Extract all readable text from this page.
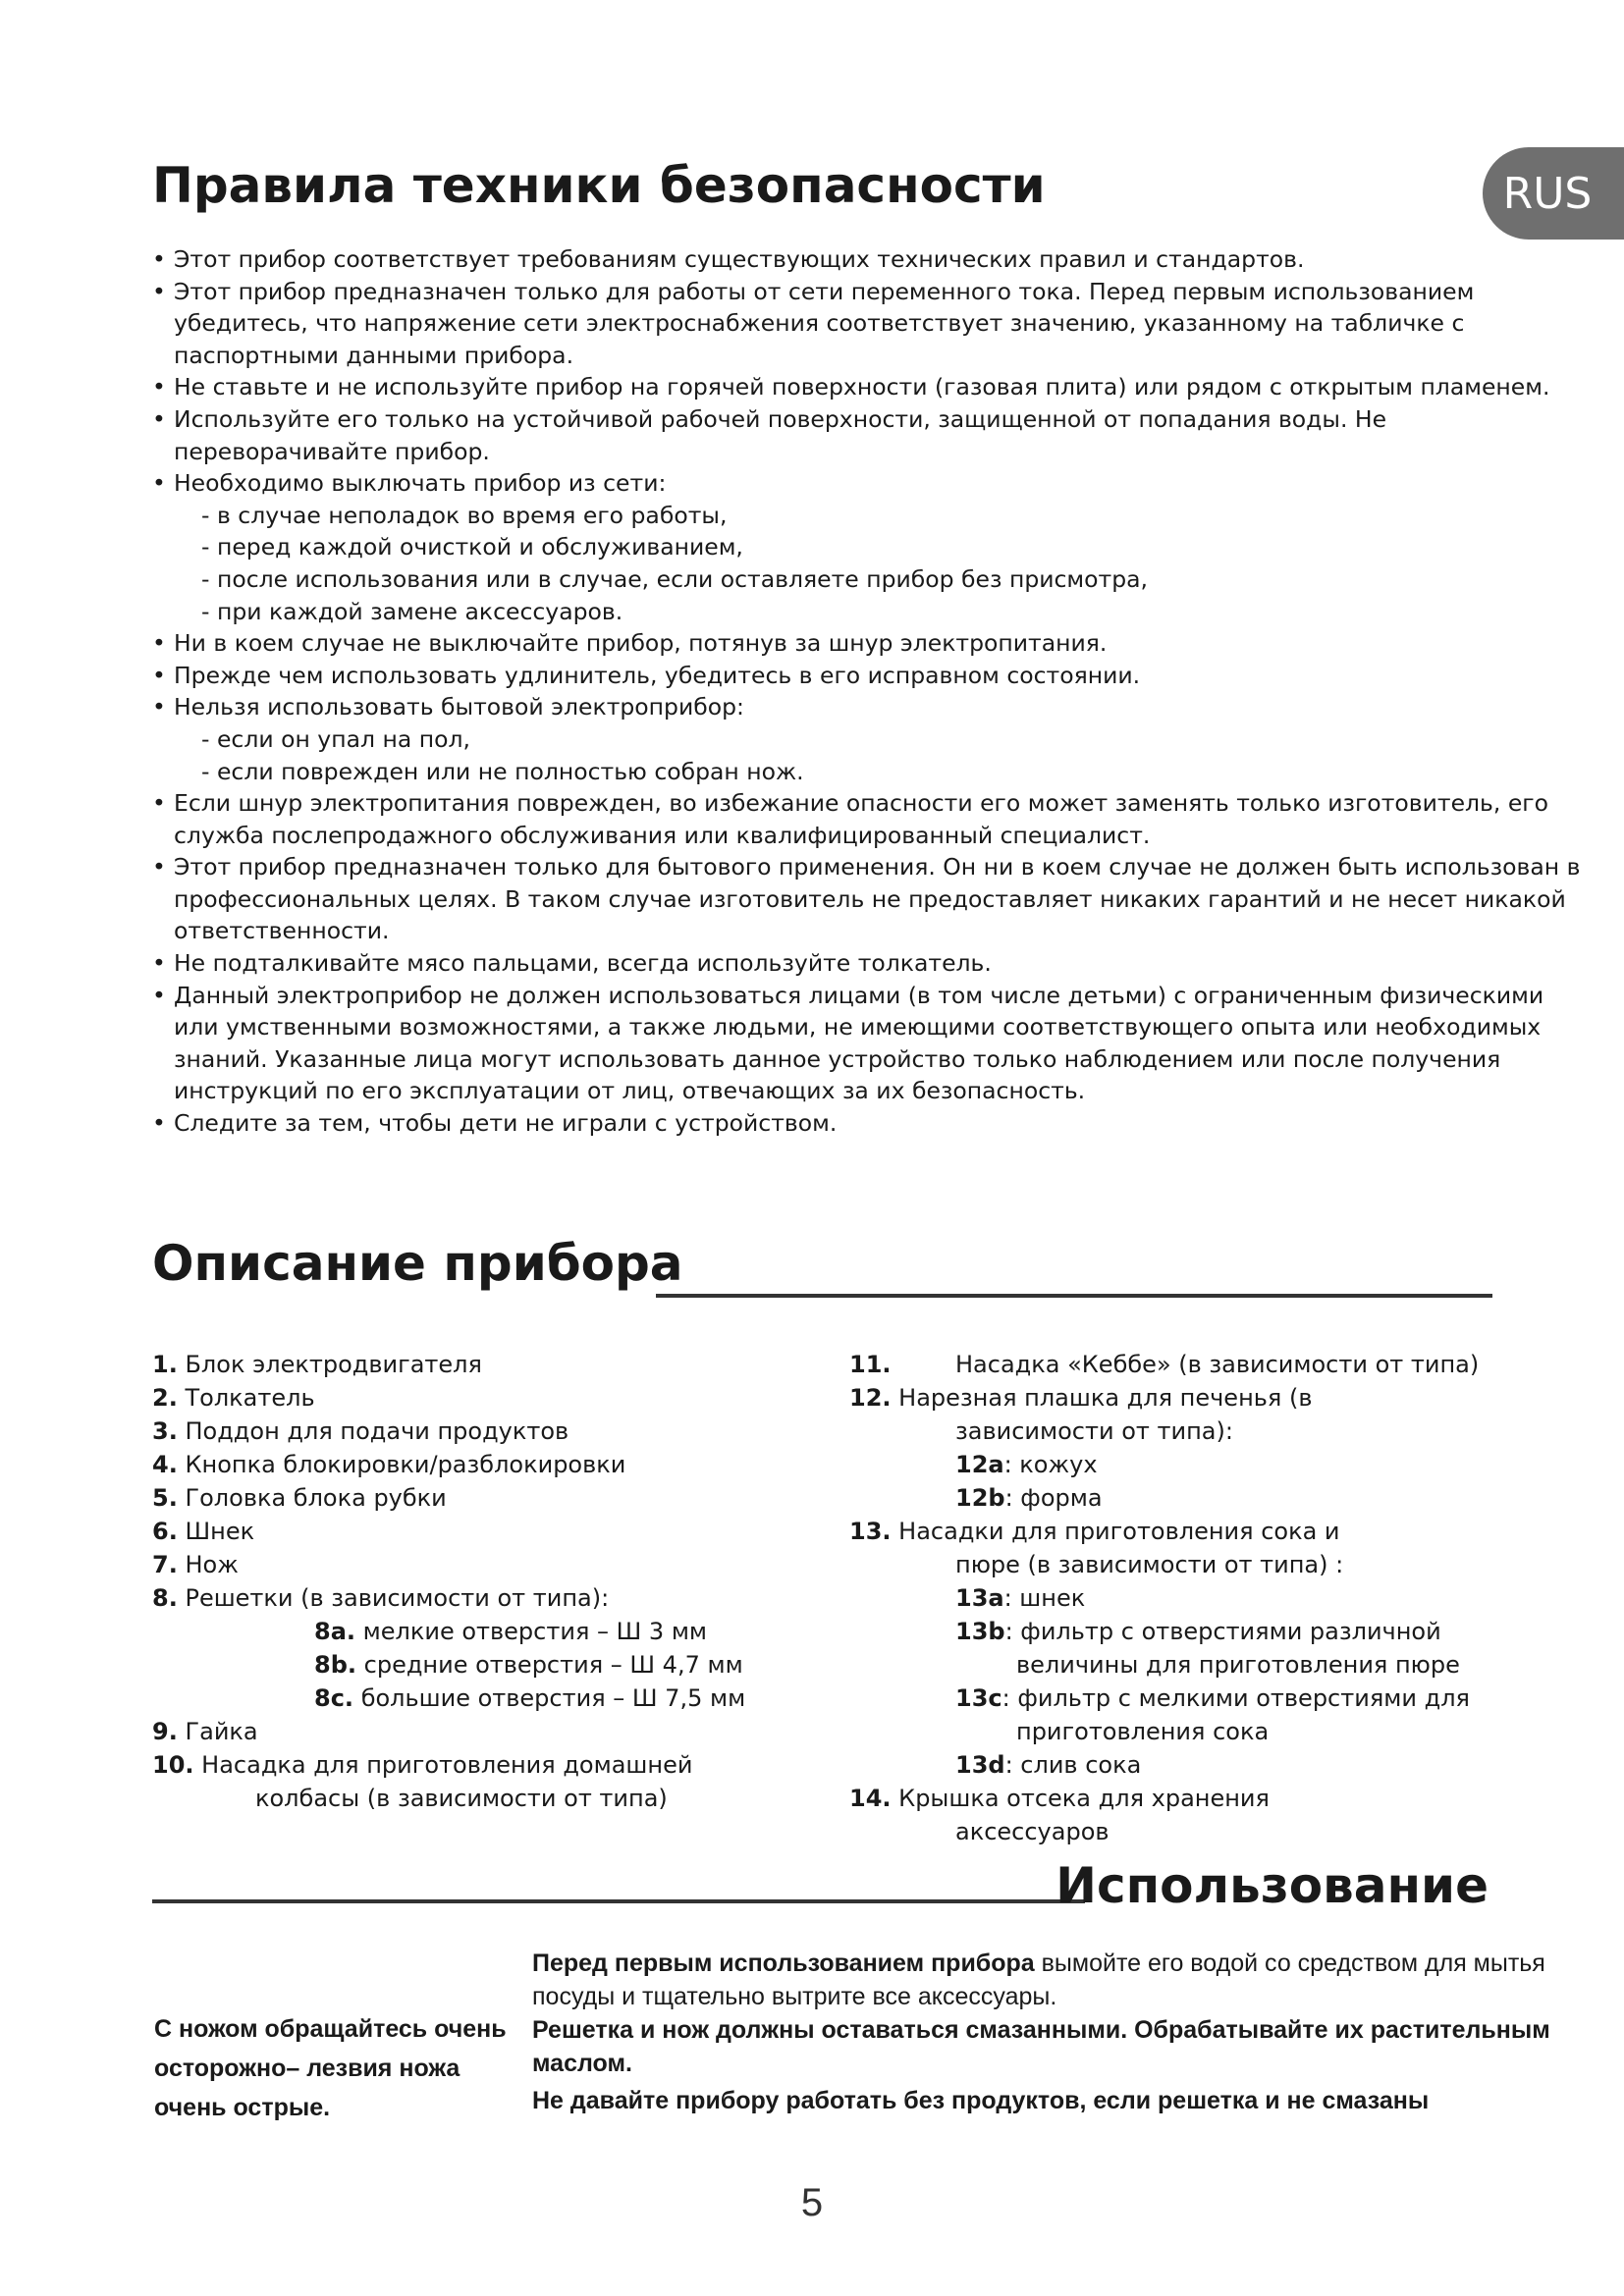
RUS
Правила техники безопасности
• Этот прибор соответствует требованиям существующих технических правил и стандартов.
• Этот прибор предназначен только для работы от сети переменного тока. Перед первым использованием убедитесь, что напряжение сети электроснабжения соответствует значению, указанному на табличке с паспортными данными прибора.
• Не ставьте и не используйте прибор на горячей поверхности (газовая плита) или рядом с открытым пламенем.
• Используйте его только на устойчивой рабочей поверхности, защищенной от попадания воды. Не переворачивайте прибор.
• Необходимо выключать прибор из сети:
- в случае неполадок во время его работы,
- перед каждой очисткой и обслуживанием,
- после использования или в случае, если оставляете прибор без присмотра,
- при каждой замене аксессуаров.
• Ни в коем случае не выключайте прибор, потянув за шнур электропитания.
• Прежде чем использовать удлинитель, убедитесь в его исправном состоянии.
• Нельзя использовать бытовой электроприбор:
- если он упал на пол,
- если поврежден или не полностью собран нож.
• Если шнур электропитания поврежден, во избежание опасности его может заменять только изготовитель, его служба послепродажного обслуживания или квалифицированный специалист.
• Этот прибор предназначен только для бытового применения. Он ни в коем случае не должен быть использован в профессиональных целях. В таком случае изготовитель не предоставляет никаких гарантий и не несет никакой ответственности.
• Не подталкивайте мясо пальцами, всегда используйте толкатель.
• Данный электроприбор не должен использоваться лицами (в том числе детьми) с ограниченным физическими или умственными возможностями, а также людьми, не имеющими соответствующего опыта или необходимых знаний. Указанные лица могут использовать данное устройство только наблюдением или после получения инструкций по его эксплуатации от лиц, отвечающих за их безопасность.
• Следите за тем, чтобы дети не играли с устройством.
Описание прибора
1. Блок электродвигателя
2. Толкатель
3. Поддон для подачи продуктов
4. Кнопка блокировки/разблокировки
5. Головка блока рубки
6. Шнек
7. Нож
8. Решетки (в зависимости от типа):
8a. мелкие отверстия – Ш 3 мм
8b. средние отверстия – Ш 4,7 мм
8c. большие отверстия – Ш 7,5 мм
9. Гайка
10. Насадка для приготовления домашней
колбасы (в зависимости от типа)
11.	Насадка «Кеббе» (в зависимости от типа)
12. Нарезная плашка для печенья (в
зависимости от типа):
12a: кожух
12b: форма
13. Насадки для приготовления сока и
пюре (в зависимости от типа) :
13a: шнек
13b: фильтр с отверстиями различной
величины для приготовления пюре
13c: фильтр с мелкими отверстиями для
приготовления сока
13d: слив сока
14. Крышка отсека для хранения
аксессуаров
Использование
С ножом обращайтесь очень осторожно– лезвия ножа очень острые.
Перед первым использованием прибора вымойте его водой со средством для мытья посуды и тщательно вытрите все аксессуары.
Решетка и нож должны оставаться смазанными. Обрабатывайте их растительным маслом.
Не давайте прибору работать без продуктов, если решетка и не смазаны
5
